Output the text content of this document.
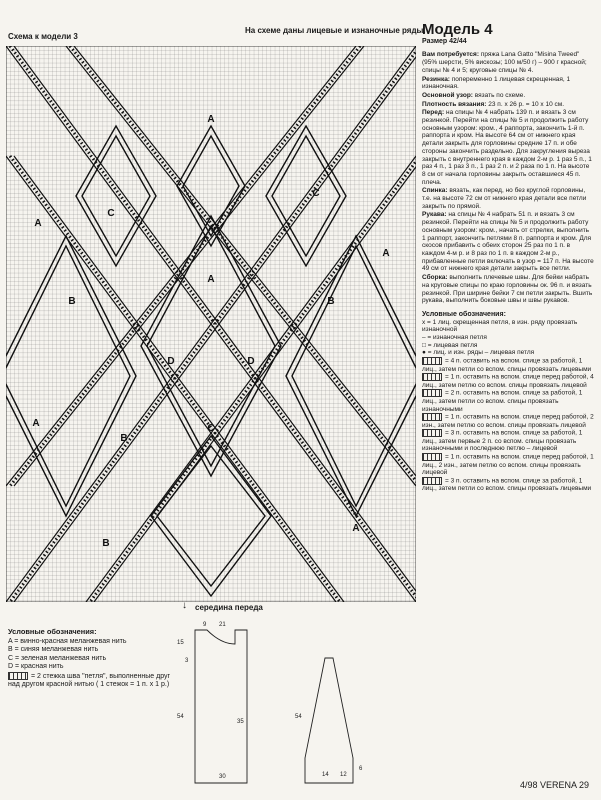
Схема к модели 3
На схеме даны лицевые и изнаночные ряды.
A
A
A
A
A
A
B
B
B
B
C
C
C
D	D
↓ середина переда
Условные обозначения:
A = винно-красная меланжевая нить
B = синяя меланжевая нить
C = зеленая меланжевая нить
D = красная нить
= 2 стежка шва "петля", выполненные друг над другом красной нитью ( 1 стежок = 1 п. x 1 р.)
9 21
15
3
54
35
30
54
14 12
6
Модель 4
Размер 42/44
Вам потребуется: пряжа Lana Gatto "Misina Tweed" (95% шерсти, 5% вискозы; 100 м/50 г) – 900 г красной; спицы № 4 и 5; круговые спицы № 4.
Резинка: попеременно 1 лицевая скрещенная, 1 изнаночная.
Основной узор: вязать по схеме.
Плотность вязания: 23 п. x 26 р. = 10 x 10 см.
Перед: на спицы № 4 набрать 139 п. и вязать 3 см резинкой. Перейти на спицы № 5 и продолжить работу основным узором: кром., 4 раппорта, закончить 1-й п. раппорта и кром. На высоте 64 см от нижнего края детали закрыть для горловины средние 17 п. и обе стороны закончить раздельно. Для закругления выреза закрыть с внутреннего края в каждом 2-м р. 1 раз 5 п., 1 раз 4 п., 1 раз 3 п., 1 раз 2 п. и 2 раза по 1 п. На высоте 8 см от начала горловины закрыть оставшиеся 45 п. плеча.
Спинка: вязать, как перед, но без круглой горловины, т.е. на высоте 72 см от нижнего края детали все петли закрыть по прямой.
Рукава: на спицы № 4 набрать 51 п. и вязать 3 см резинкой. Перейти на спицы № 5 и продолжить работу основным узором: кром., начать от стрелки, выполнить 1 раппорт, закончить петлями 8 п. раппорта и кром. Для скосов прибавить с обеих сторон 25 раз по 1 п. в каждом 4-м р. и 8 раз по 1 п. в каждом 2-м р., прибавленные петли включать в узор = 117 п. На высоте 49 см от нижнего края детали закрыть все петли.
Сборка: выполнить плечевые швы. Для бейки набрать на круговые спицы по краю горловины ок. 96 п. и вязать резинкой. При ширине бейки 7 см петли закрыть. Вшить рукава, выполнить боковые швы и швы рукавов.
Условные обозначения:
x = 1 лиц. скрещенная петля, в изн. ряду провязать изнаночной
– = изнаночная петля
□ = лицевая петля
● = лиц. и изн. ряды – лицевая петля
= 4 п. оставить на вспом. спице за работой, 1 лиц., затем петли со вспом. спицы провязать лицевыми
= 1 п. оставить на вспом. спице перед работой, 4 лиц., затем петлю со вспом. спицы провязать лицевой
= 2 п. оставить на вспом. спице за работой, 1 лиц., затем петли со вспом. спицы провязать изнаночными
= 1 п. оставить на вспом. спице перед работой, 2 изн., затем петлю со вспом. спицы провязать лицевой
= 3 п. оставить на вспом. спице за работой, 1 лиц., затем первые 2 п. со вспом. спицы провязать изнаночными и последнюю петлю – лицевой
= 1 п. оставить на вспом. спице перед работой, 1 лиц., 2 изн., затем петлю со вспом. спицы провязать лицевой
= 3 п. оставить на вспом. спице за работой, 1 лиц., затем петли со вспом. спицы провязать лицевыми
4/98 VERENA 29
